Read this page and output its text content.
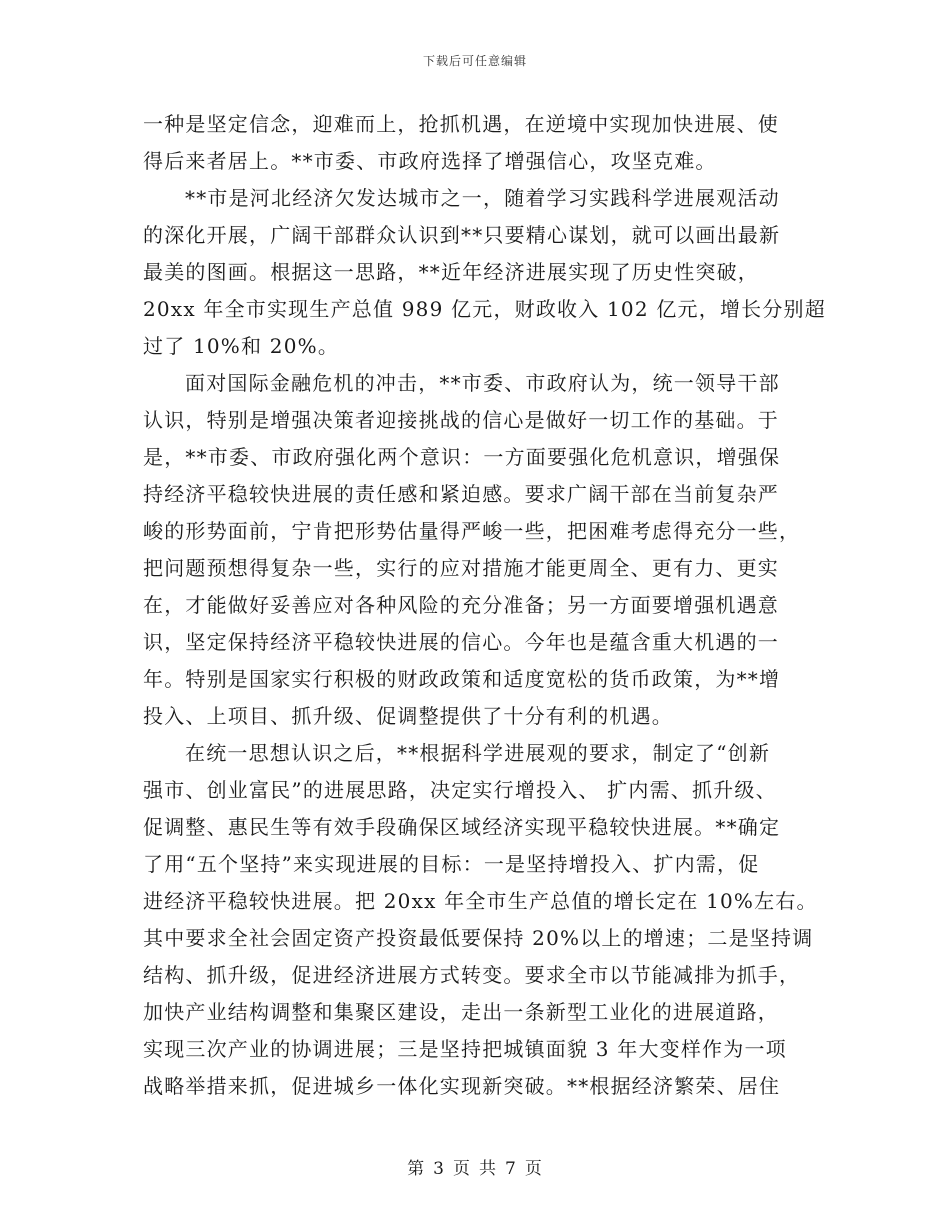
下载后可任意编辑
一种是坚定信念，迎难而上，抢抓机遇，在逆境中实现加快进展、使
得后来者居上。**市委、市政府选择了增强信心，攻坚克难。
**市是河北经济欠发达城市之一，随着学习实践科学进展观活动
的深化开展，广阔干部群众认识到**只要精心谋划，就可以画出最新
最美的图画。根据这一思路，**近年经济进展实现了历史性突破，
20xx 年全市实现生产总值 989 亿元，财政收入 102 亿元，增长分别超
过了 10%和 20%。
面对国际金融危机的冲击，**市委、市政府认为，统一领导干部
认识，特别是增强决策者迎接挑战的信心是做好一切工作的基础。于
是，**市委、市政府强化两个意识：一方面要强化危机意识，增强保
持经济平稳较快进展的责任感和紧迫感。要求广阔干部在当前复杂严
峻的形势面前，宁肯把形势估量得严峻一些，把困难考虑得充分一些，
把问题预想得复杂一些，实行的应对措施才能更周全、更有力、更实
在，才能做好妥善应对各种风险的充分准备；另一方面要增强机遇意
识，坚定保持经济平稳较快进展的信心。今年也是蕴含重大机遇的一
年。特别是国家实行积极的财政政策和适度宽松的货币政策，为**增
投入、上项目、抓升级、促调整提供了十分有利的机遇。
在统一思想认识之后，**根据科学进展观的要求，制定了“创新
强市、创业富民”的进展思路，决定实行增投入、 扩内需、抓升级、
促调整、惠民生等有效手段确保区域经济实现平稳较快进展。**确定
了用“五个坚持”来实现进展的目标：一是坚持增投入、扩内需，促
进经济平稳较快进展。把 20xx 年全市生产总值的增长定在 10%左右。
其中要求全社会固定资产投资最低要保持 20%以上的增速；二是坚持调
结构、抓升级，促进经济进展方式转变。要求全市以节能减排为抓手，
加快产业结构调整和集聚区建设，走出一条新型工业化的进展道路，
实现三次产业的协调进展；三是坚持把城镇面貌 3 年大变样作为一项
战略举措来抓，促进城乡一体化实现新突破。**根据经济繁荣、居住
第 3 页 共 7 页
